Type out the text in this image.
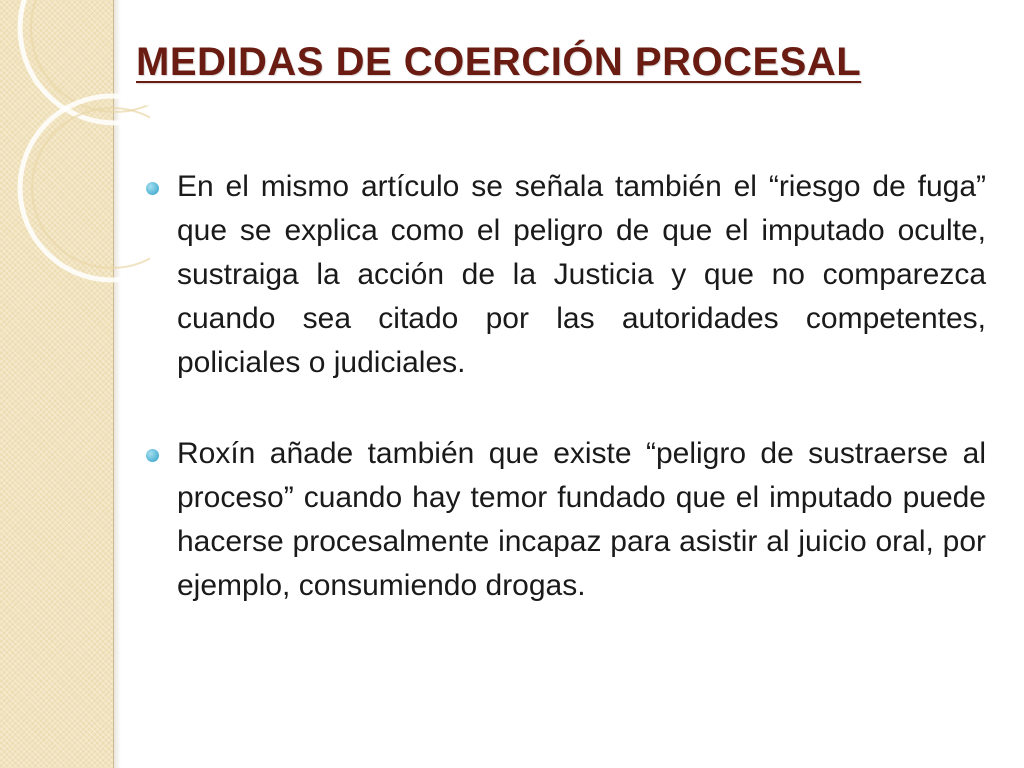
MEDIDAS DE COERCIÓN PROCESAL
En el mismo artículo se señala también el “riesgo de fuga” que se explica como el peligro de que el imputado oculte, sustraiga la acción de la Justicia y que no comparezca cuando sea citado por las autoridades competentes, policiales o judiciales.
Roxín añade también que existe “peligro de sustraerse al proceso” cuando hay temor fundado que el imputado puede hacerse procesalmente incapaz para asistir al juicio oral, por ejemplo, consumiendo drogas.
